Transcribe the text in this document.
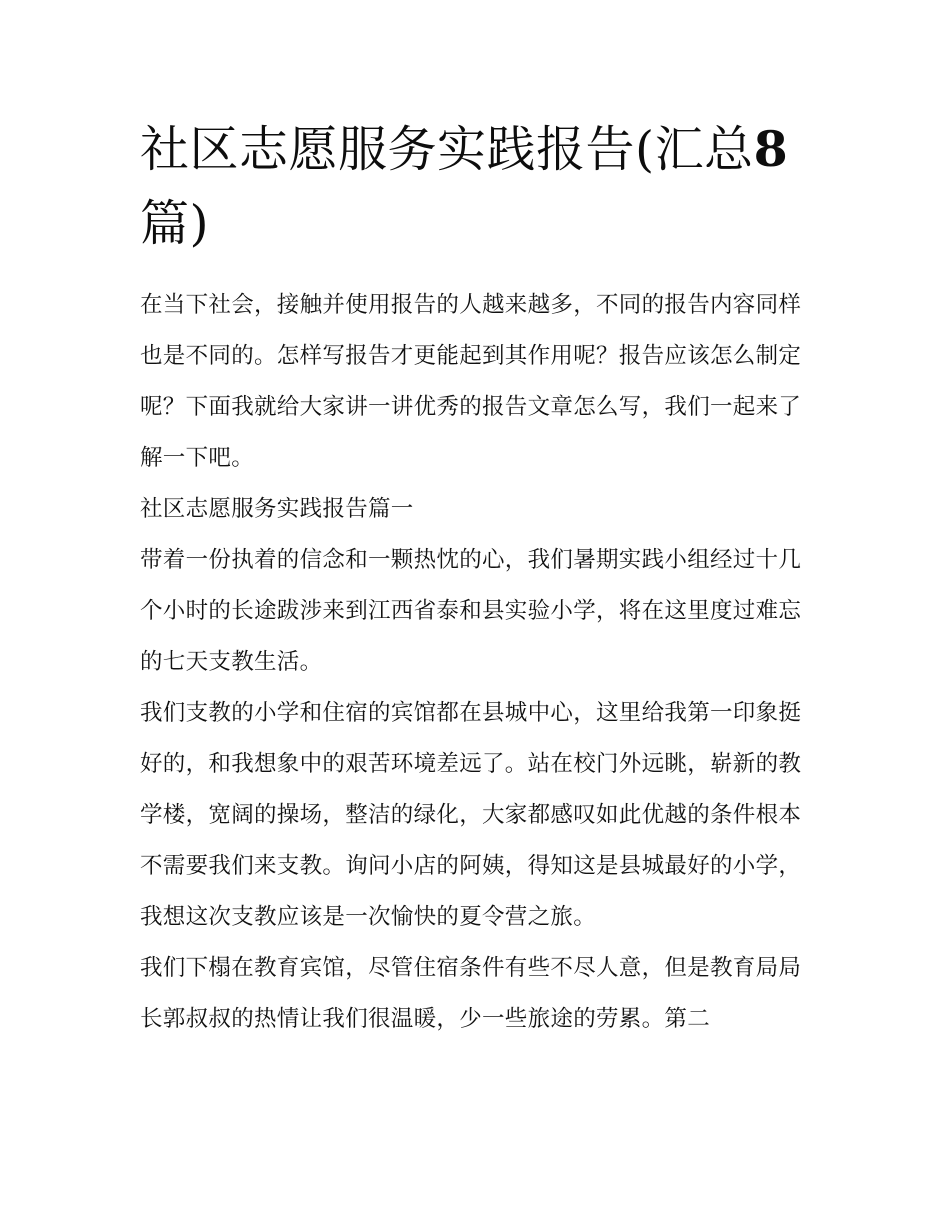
社区志愿服务实践报告(汇总8
篇)

在当下社会，接触并使用报告的人越来越多，不同的报告内容同样也是不同的。怎样写报告才更能起到其作用呢？报告应该怎么制定呢？下面我就给大家讲一讲优秀的报告文章怎么写，我们一起来了解一下吧。

社区志愿服务实践报告篇一

带着一份执着的信念和一颗热忱的心，我们暑期实践小组经过十几个小时的长途跋涉来到江西省泰和县实验小学，将在这里度过难忘的七天支教生活。

我们支教的小学和住宿的宾馆都在县城中心，这里给我第一印象挺好的，和我想象中的艰苦环境差远了。站在校门外远眺，崭新的教学楼，宽阔的操场，整洁的绿化，大家都感叹如此优越的条件根本不需要我们来支教。询问小店的阿姨，得知这是县城最好的小学，我想这次支教应该是一次愉快的夏令营之旅。

我们下榻在教育宾馆，尽管住宿条件有些不尽人意，但是教育局局长郭叔叔的热情让我们很温暖，少一些旅途的劳累。第二
